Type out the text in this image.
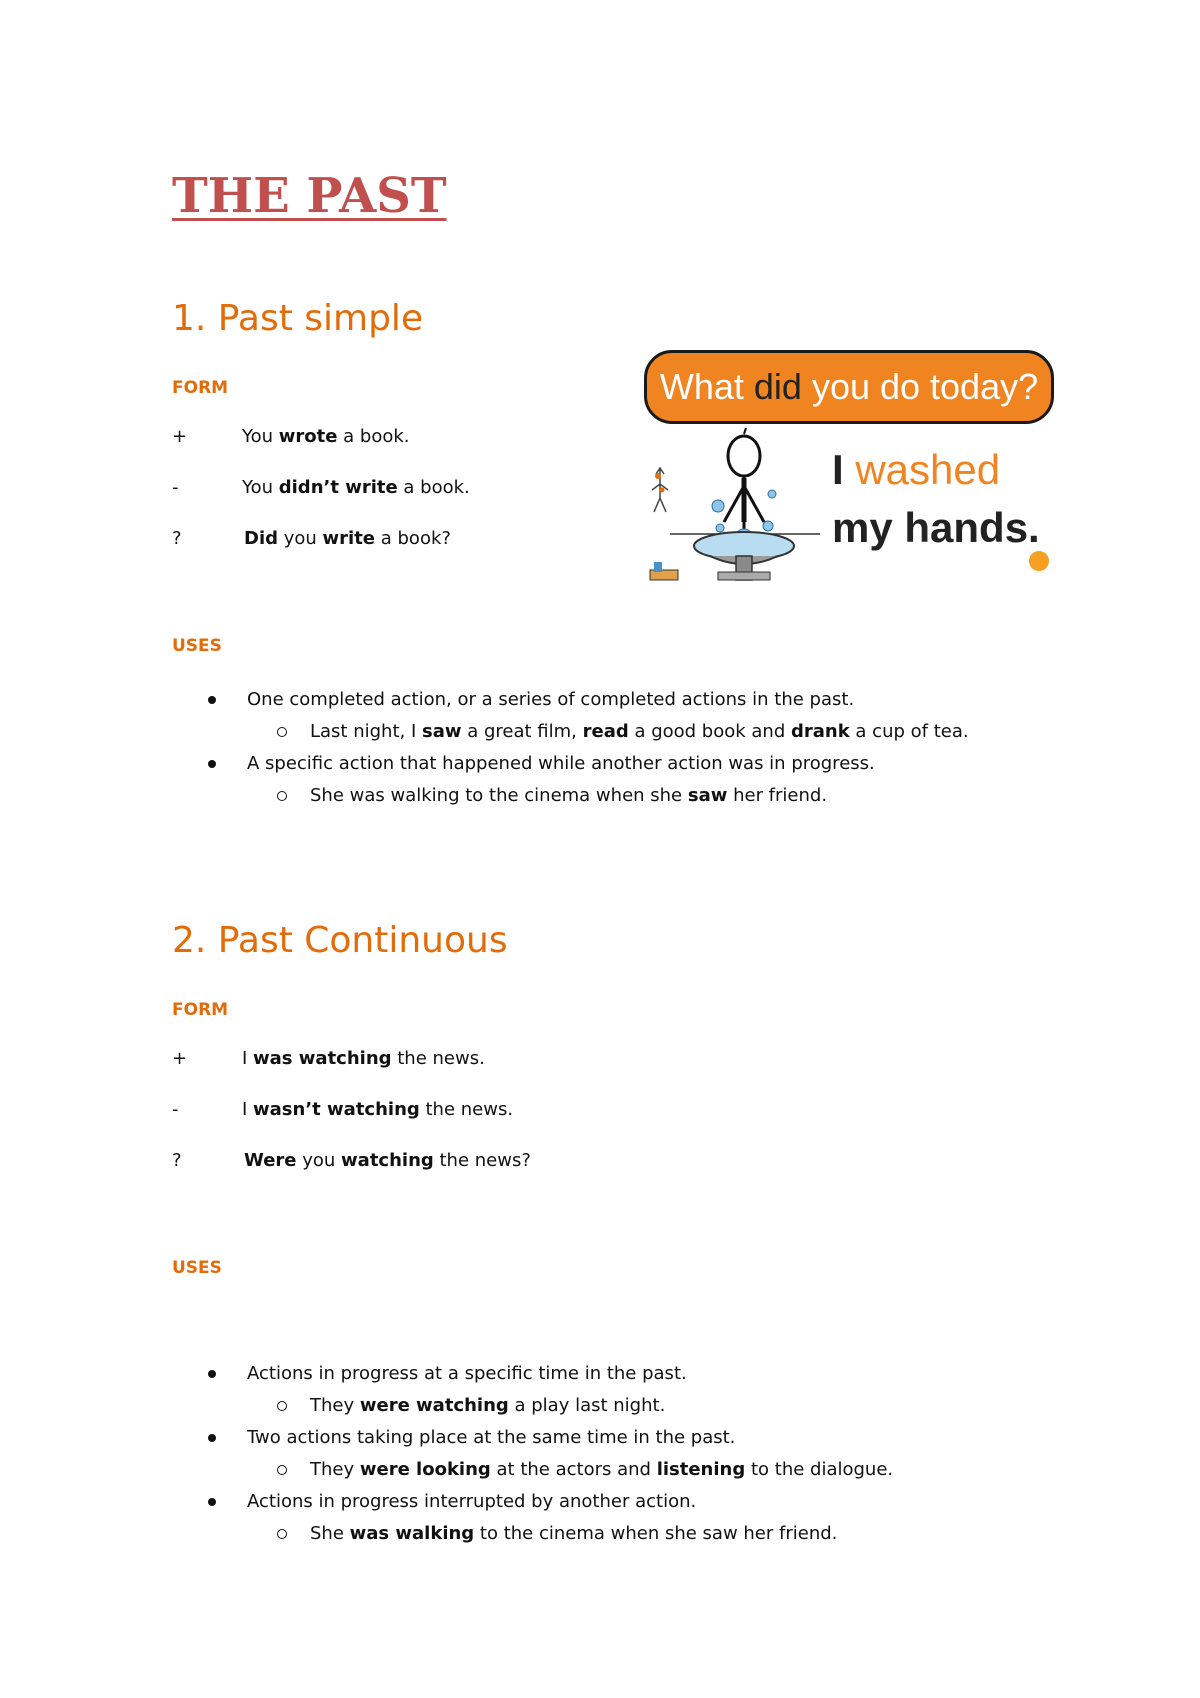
THE PAST
1. Past simple
FORM
+	You wrote a book.
-	You didn’t write a book.
?	Did you write a book?
USES
One completed action, or a series of completed actions in the past.
Last night, I saw a great film, read a good book and drank a cup of tea.
A specific action that happened while another action was in progress.
She was walking to the cinema when she saw her friend.
What did you do today?
I washed
my hands.
2. Past Continuous
FORM
+	I was watching the news.
-	I wasn’t watching the news.
?	Were you watching the news?
USES
Actions in progress at a specific time in the past.
They were watching a play last night.
Two actions taking place at the same time in the past.
They were looking at the actors and listening to the dialogue.
Actions in progress interrupted by another action.
She was walking to the cinema when she saw her friend.
